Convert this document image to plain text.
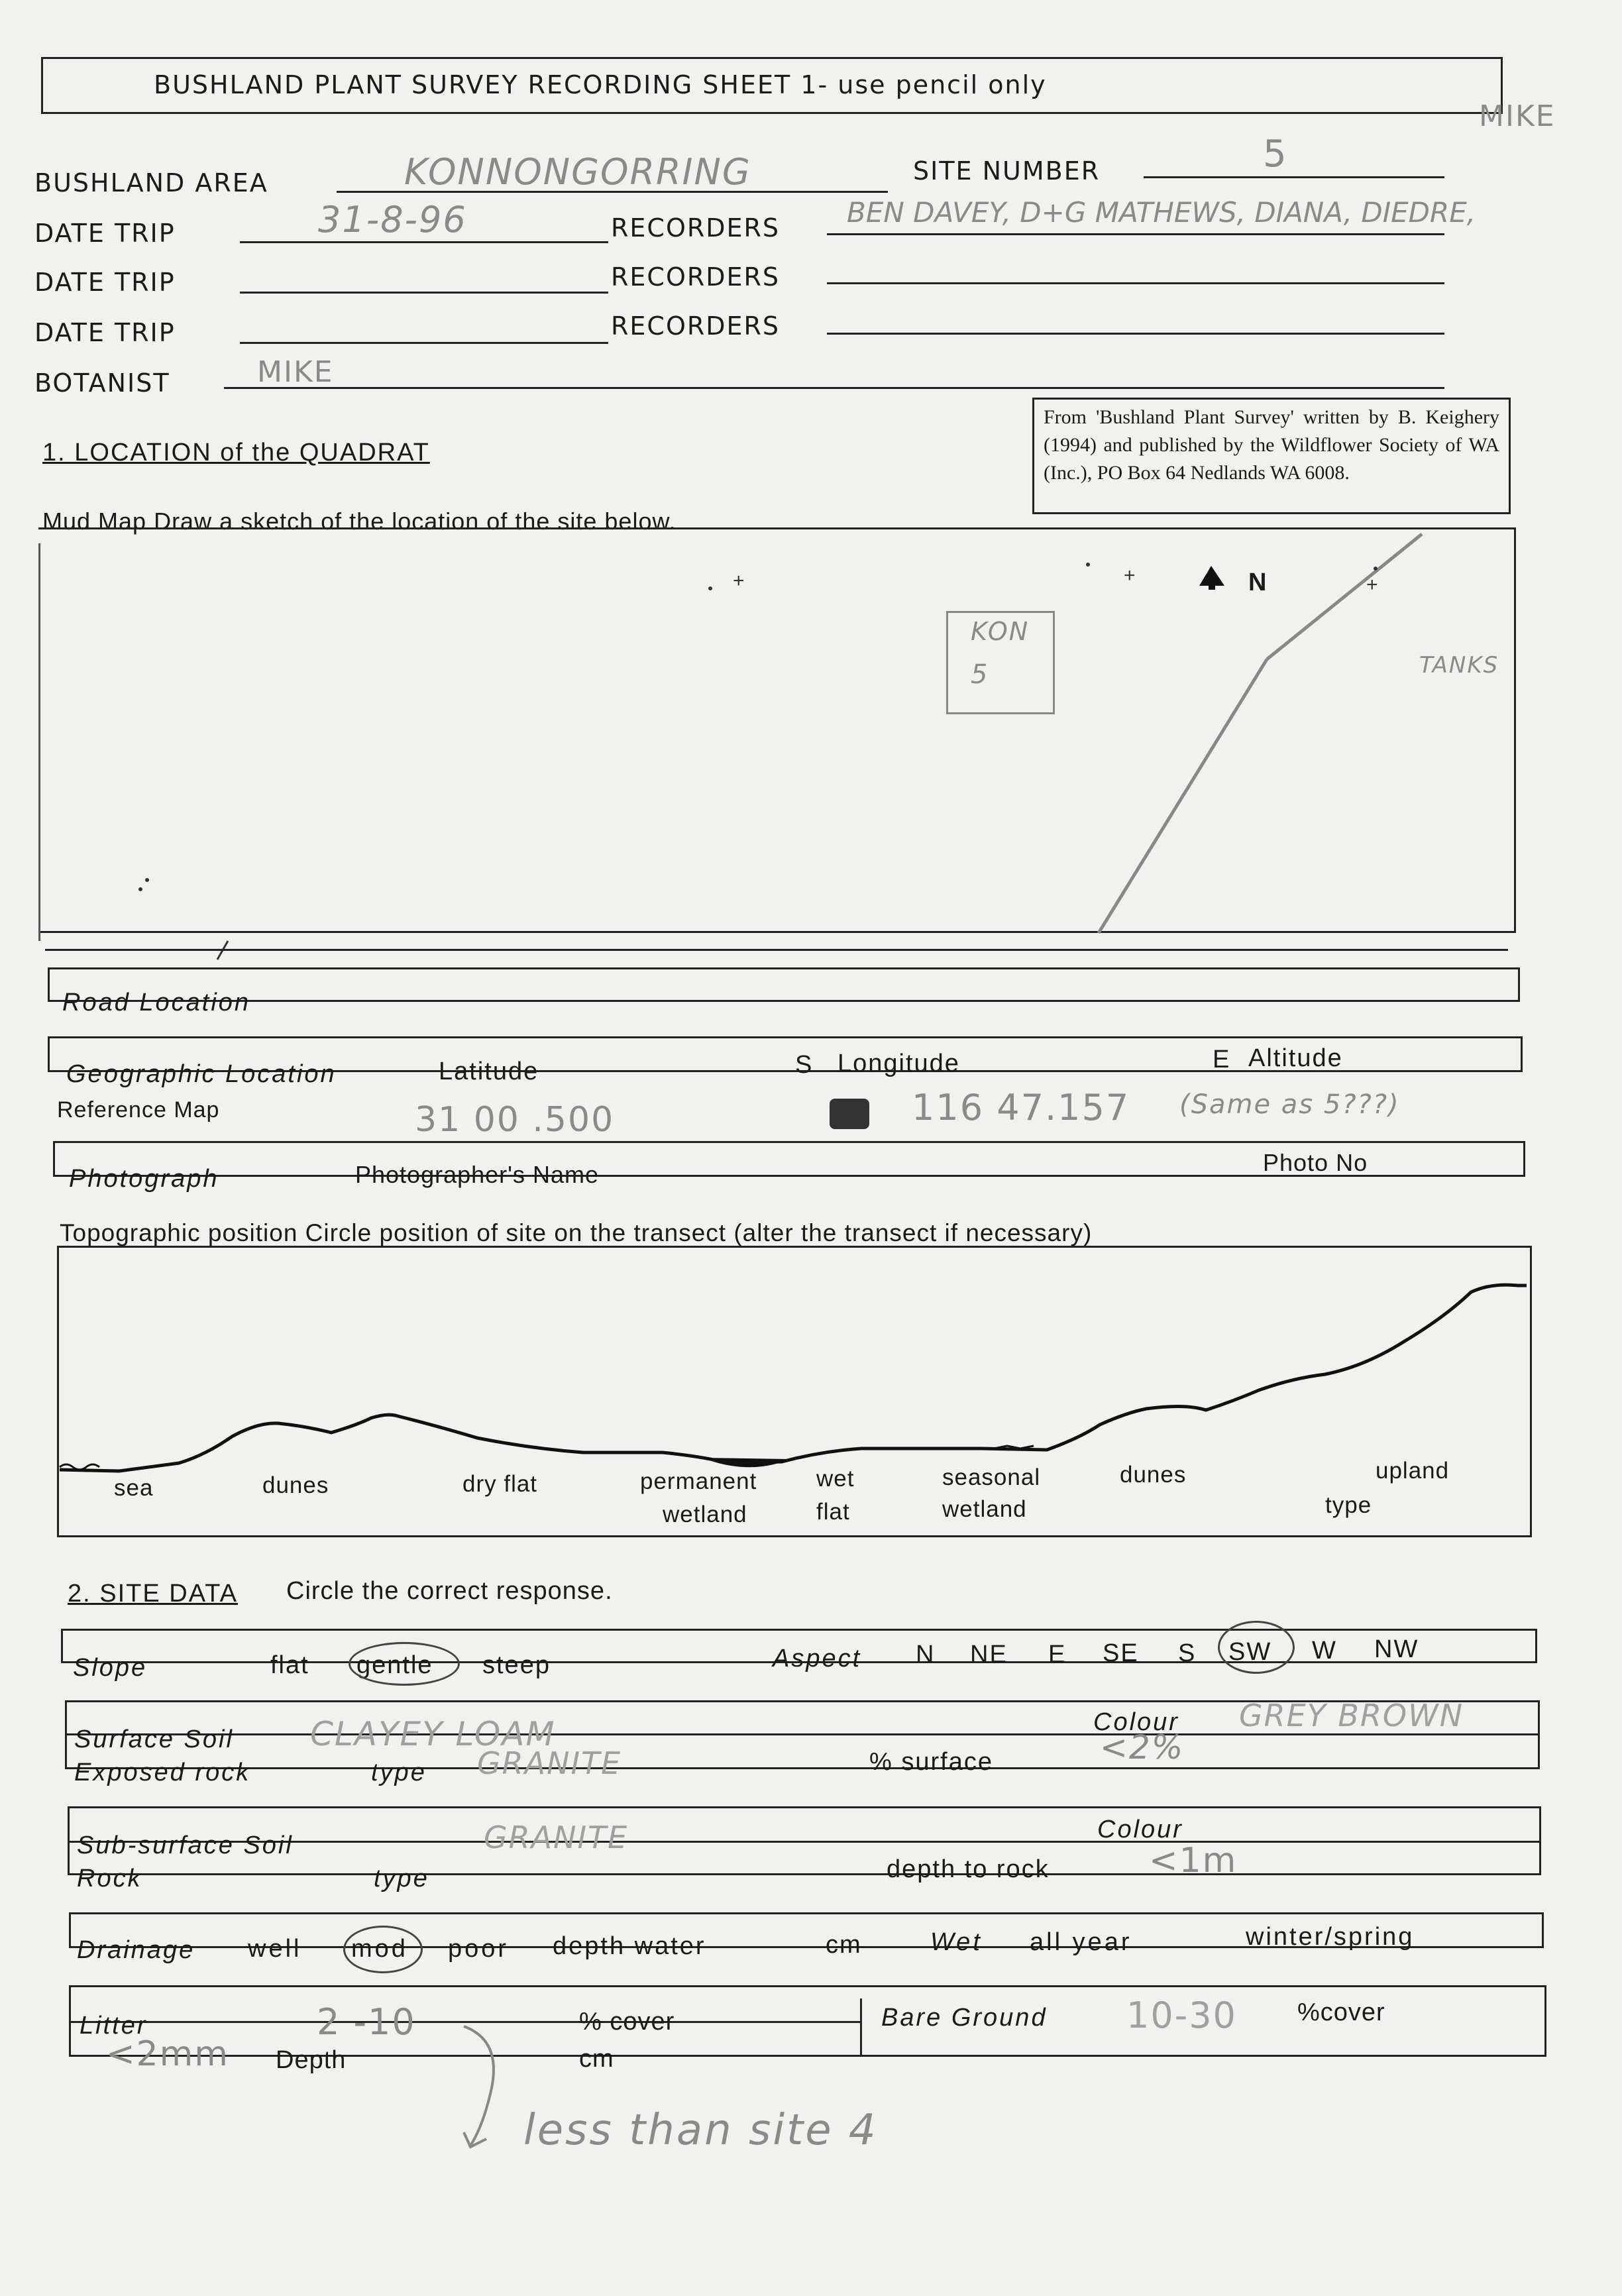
BUSHLAND PLANT SURVEY RECORDING SHEET 1- use pencil only
MIKE
BUSHLAND AREA	KONNONGORRING	SITE NUMBER	5
DATE TRIP	31-8-96	RECORDERS BEN DAVEY, D+G MATHEWS, DIANA, DIEDRE,
DATE TRIP	RECORDERS
DATE TRIP	RECORDERS
BOTANIST	MIKE
From 'Bushland Plant Survey' written by B. Keighery (1994) and published by the Wildflower Society of WA (Inc.), PO Box 64 Nedlands WA 6008.
1. LOCATION of the QUADRAT
Mud Map Draw a sketch of the location of the site below.
+	+	+
KON
5
N
TANKS
Road Location
Geographic Location	Latitude	S Longitude	E Altitude
Reference Map	31 00 .500	116 47.157 (Same as 5???)
Photograph	Photographer's Name	Photo No
Topographic position Circle position of site on the transect (alter the transect if necessary)
sea	dunes	dry flat	permanent
wetland
wet
flat
seasonal
wetland
dunes	upland
type
2. SITE DATA Circle the correct response.
Slope	flat gentle steep	Aspect N NE E SE S SW W NW
Surface Soil CLAYEY LOAM	Colour GREY BROWN
Exposed rock	type GRANITE	% surface	<2%
Sub-surface Soil	GRANITE	Colour
Rock	type	depth to rock	<1m
Drainage well mod poor depth water	cm	Wet all year	winter/spring
Litter	2 -10	% cover
<2mm Depth	cm
Bare Ground 10-30 %cover
less than site 4
